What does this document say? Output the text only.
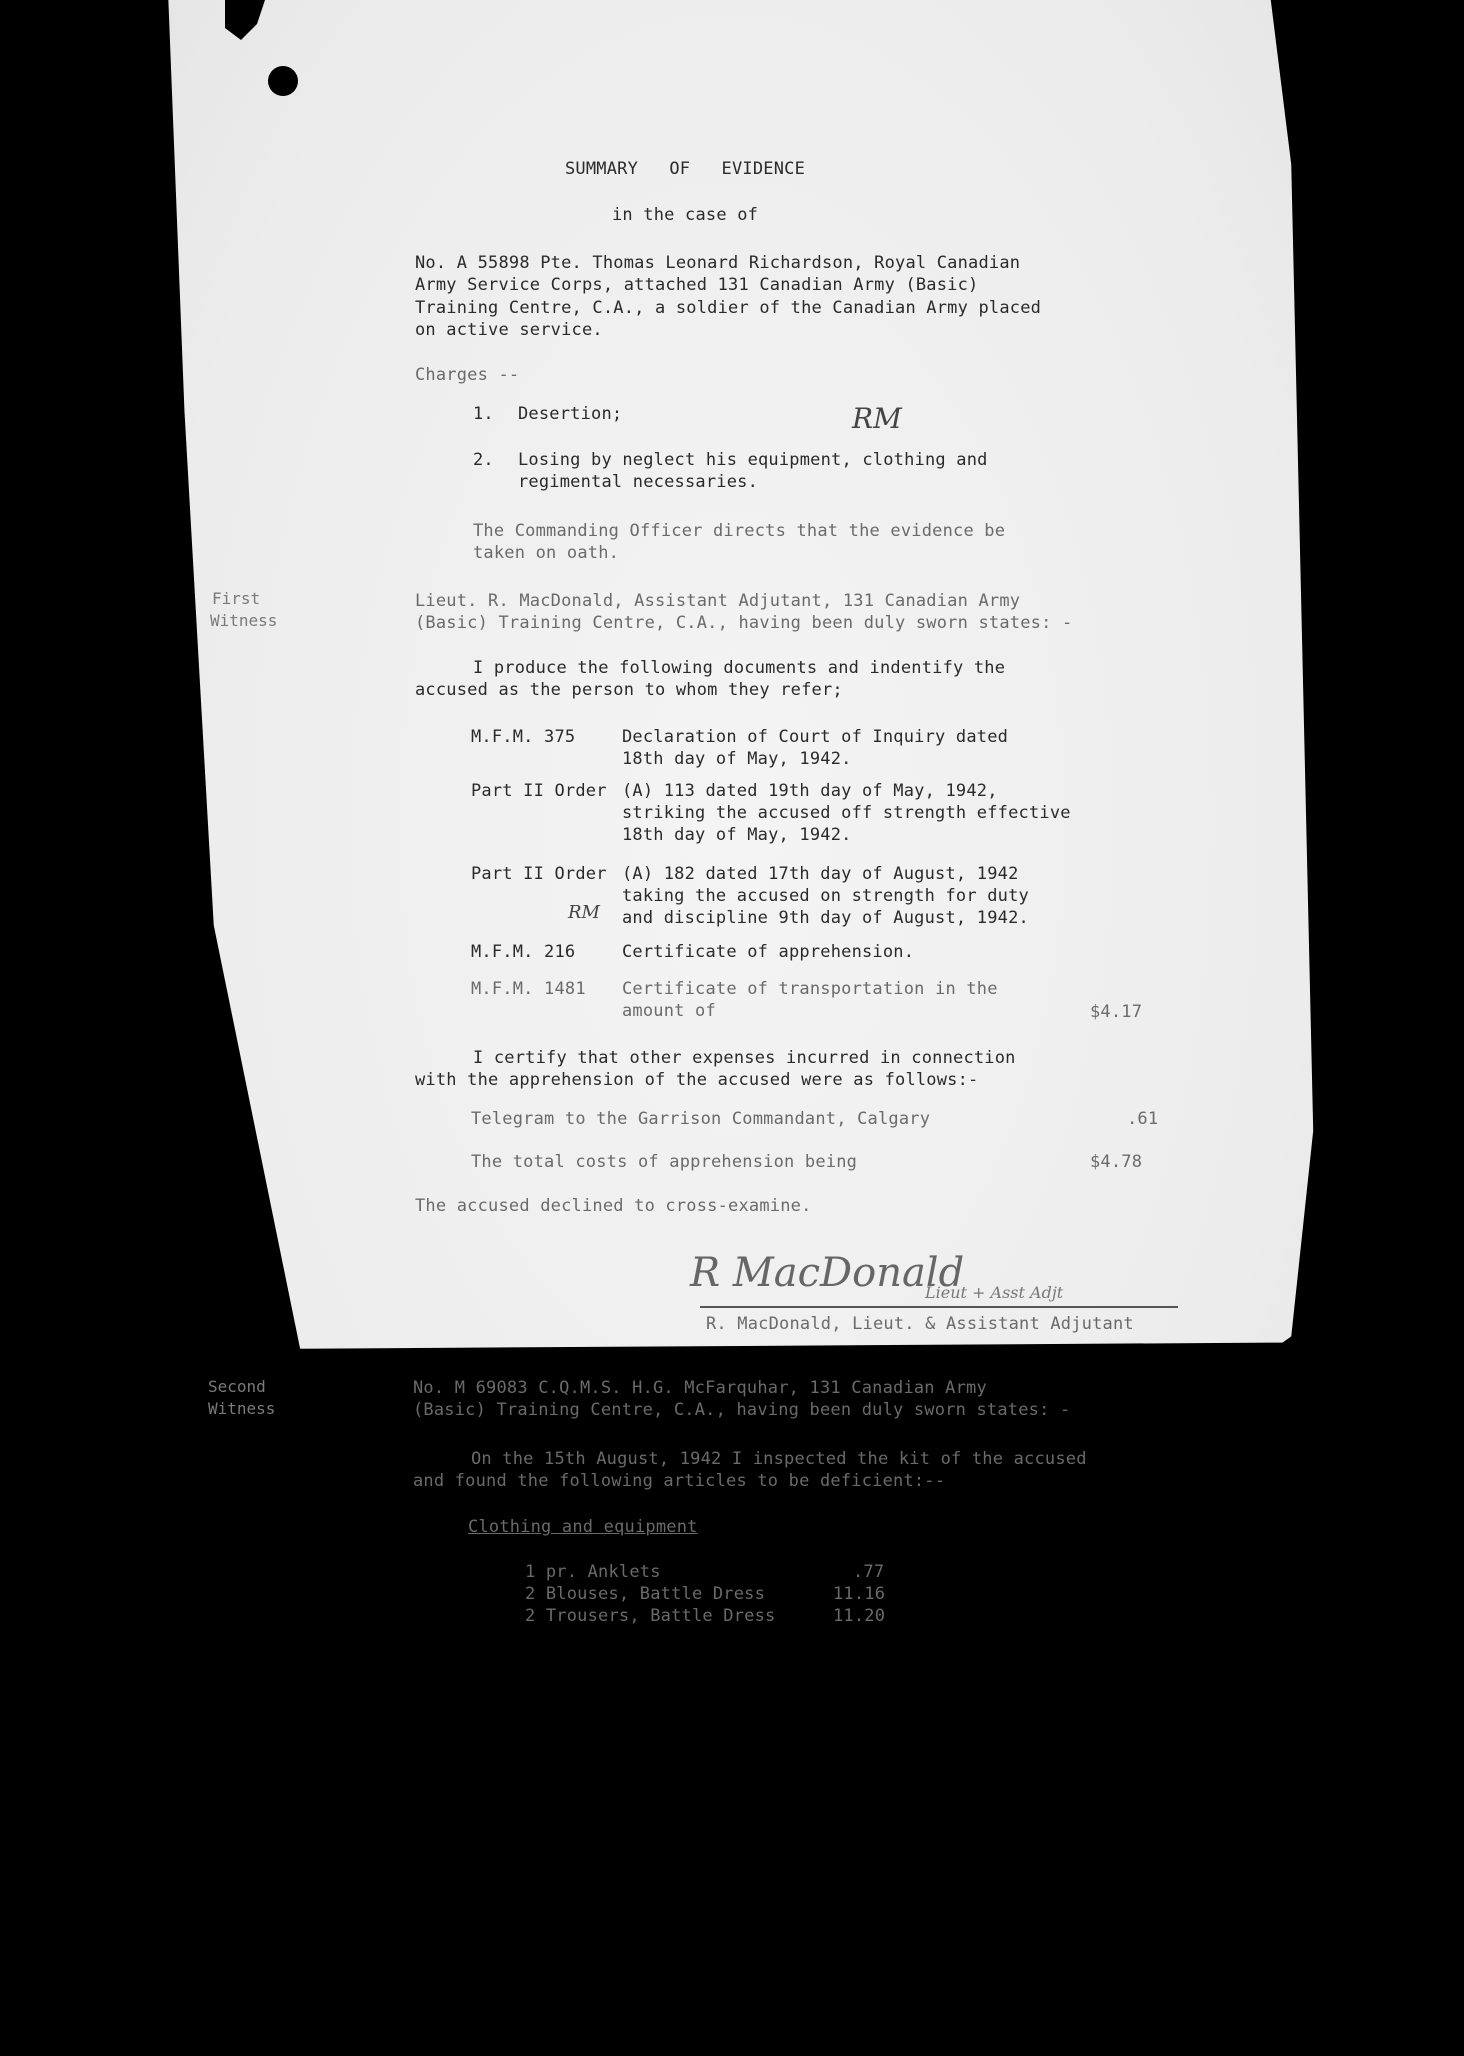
SUMMARY   OF   EVIDENCE
in the case of
No. A 55898 Pte. Thomas Leonard Richardson, Royal Canadian
Army Service Corps, attached 131 Canadian Army (Basic)
Training Centre, C.A., a soldier of the Canadian Army placed
on active service.
Charges --
1. Desertion;
2. Losing by neglect his equipment, clothing and
regimental necessaries.
RM
The Commanding Officer directs that the evidence be
taken on oath.
First
Witness
Lieut. R. MacDonald, Assistant Adjutant, 131 Canadian Army
(Basic) Training Centre, C.A., having been duly sworn states: -
I produce the following documents and indentify the
accused as the person to whom they refer;
M.F.M. 375	Declaration of Court of Inquiry dated
18th day of May, 1942.
Part II Order (A) 113 dated 19th day of May, 1942,
striking the accused off strength effective
18th day of May, 1942.
Part II Order (A) 182 dated 17th day of August, 1942
taking the accused on strength for duty
and discipline 9th day of August, 1942.
RM
M.F.M. 216	Certificate of apprehension.
M.F.M. 1481 Certificate of transportation in the
amount of	$4.17
I certify that other expenses incurred in connection
with the apprehension of the accused were as follows:-
Telegram to the Garrison Commandant, Calgary	.61
The total costs of apprehension being	$4.78
The accused declined to cross-examine.
R MacDonald
Lieut + Asst Adjt
R. MacDonald, Lieut. & Assistant Adjutant
Second
Witness
No. M 69083 C.Q.M.S. H.G. McFarquhar, 131 Canadian Army
(Basic) Training Centre, C.A., having been duly sworn states: -
On the 15th August, 1942 I inspected the kit of the accused
and found the following articles to be deficient:--
Clothing and equipment
1 pr. Anklets	.77
2 Blouses, Battle Dress	11.16
2 Trousers, Battle Dress	11.20
